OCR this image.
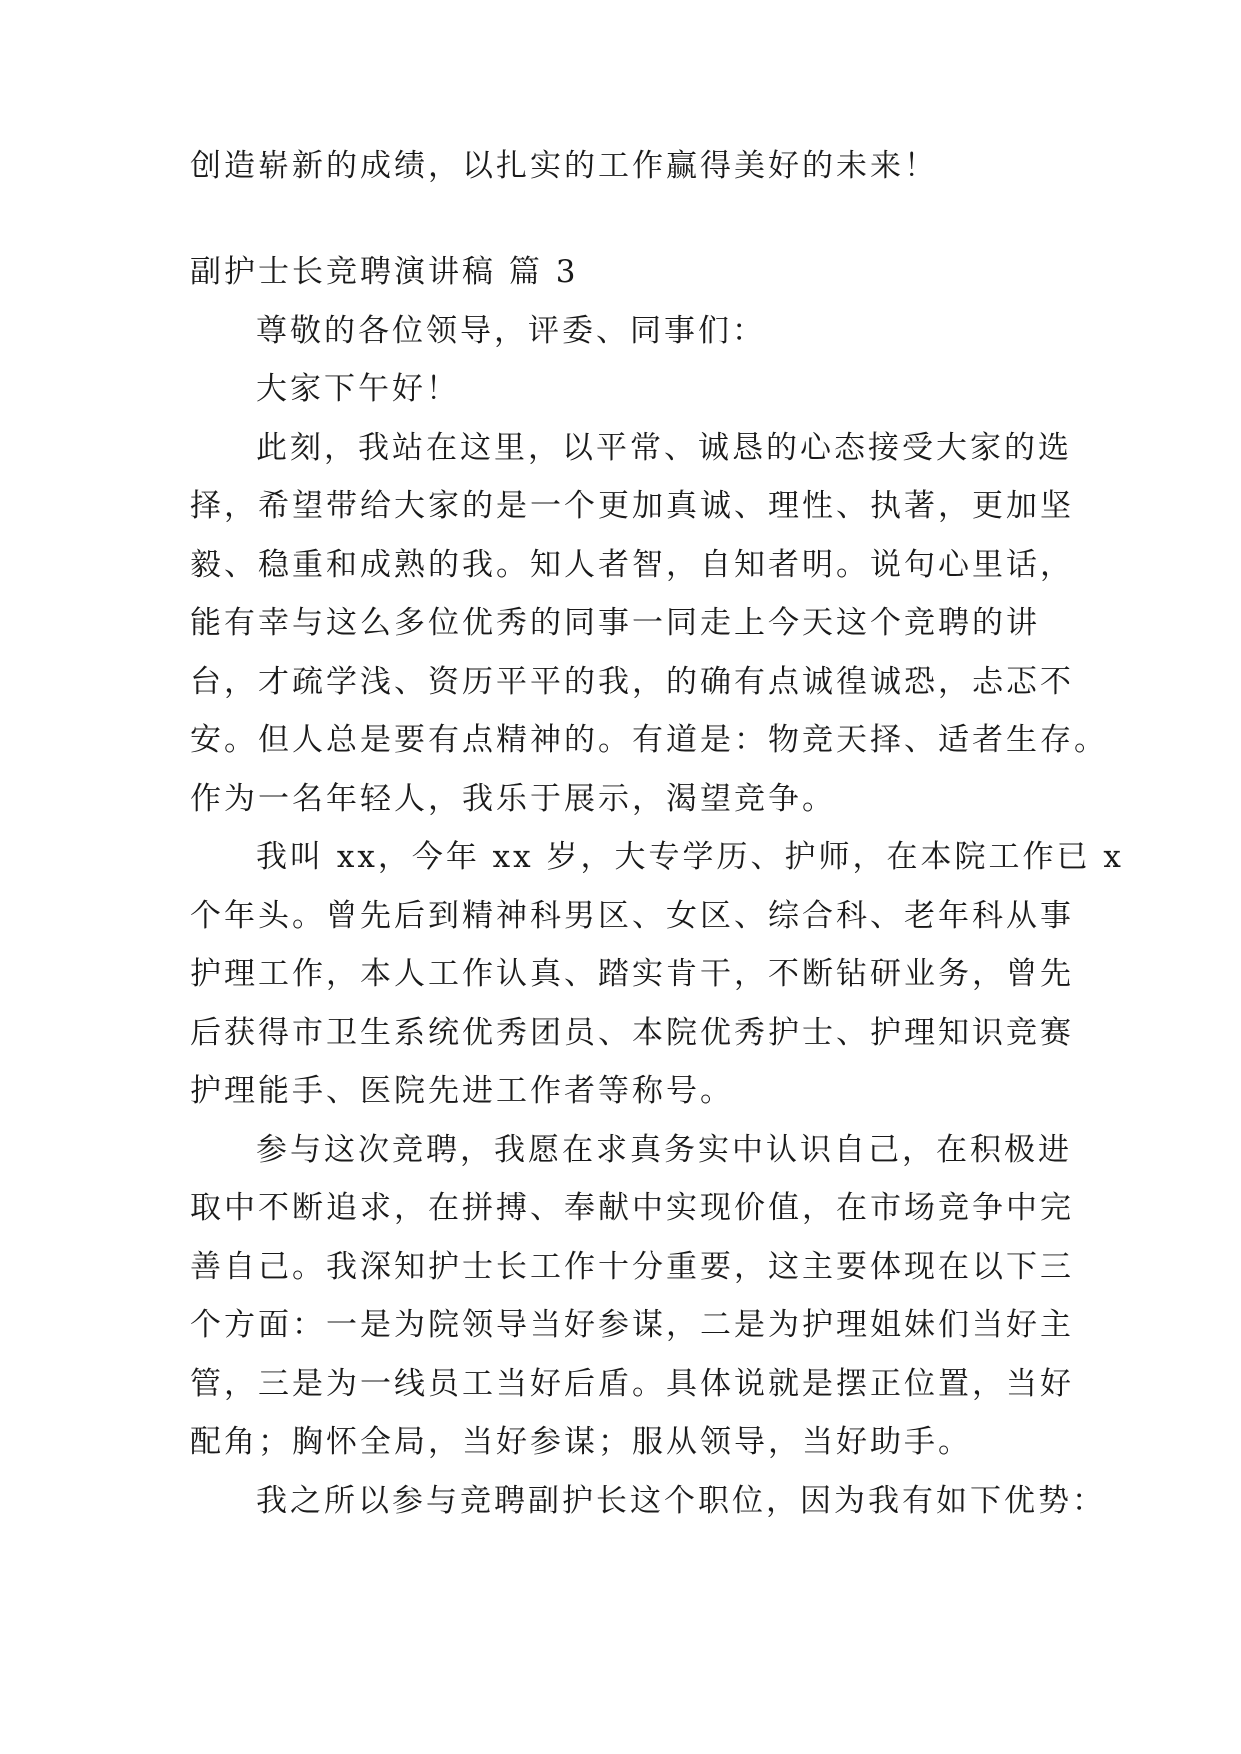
创造崭新的成绩，以扎实的工作赢得美好的未来！
副护士长竞聘演讲稿 篇 3
尊敬的各位领导，评委、同事们：
大家下午好！
此刻，我站在这里，以平常、诚恳的心态接受大家的选
择，希望带给大家的是一个更加真诚、理性、执著，更加坚
毅、稳重和成熟的我。知人者智，自知者明。说句心里话，
能有幸与这么多位优秀的同事一同走上今天这个竞聘的讲
台，才疏学浅、资历平平的我，的确有点诚徨诚恐，忐忑不
安。但人总是要有点精神的。有道是：物竞天择、适者生存。
作为一名年轻人，我乐于展示，渴望竞争。
我叫 xx，今年 xx 岁，大专学历、护师，在本院工作已 x
个年头。曾先后到精神科男区、女区、综合科、老年科从事
护理工作，本人工作认真、踏实肯干，不断钻研业务，曾先
后获得市卫生系统优秀团员、本院优秀护士、护理知识竞赛
护理能手、医院先进工作者等称号。
参与这次竞聘，我愿在求真务实中认识自己，在积极进
取中不断追求，在拼搏、奉献中实现价值，在市场竞争中完
善自己。我深知护士长工作十分重要，这主要体现在以下三
个方面：一是为院领导当好参谋，二是为护理姐妹们当好主
管，三是为一线员工当好后盾。具体说就是摆正位置，当好
配角；胸怀全局，当好参谋；服从领导，当好助手。
我之所以参与竞聘副护长这个职位，因为我有如下优势：
